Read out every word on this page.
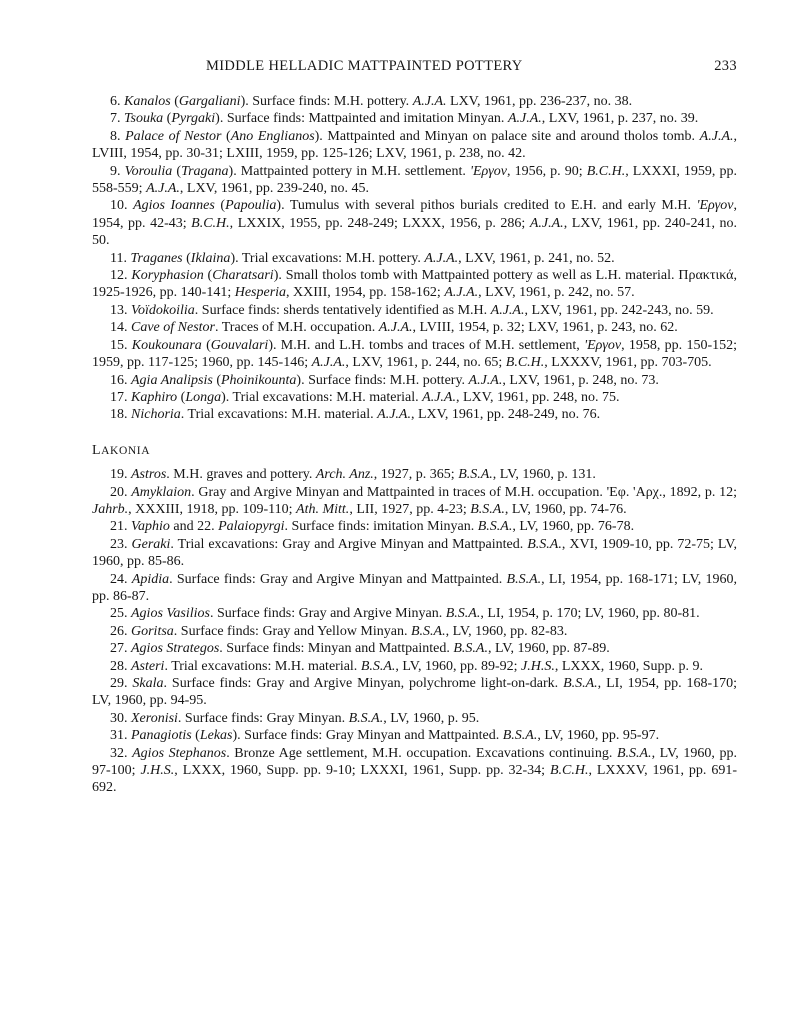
MIDDLE HELLADIC MATTPAINTED POTTERY	233

6. Kanalos (Gargaliani). Surface finds: M.H. pottery. A.J.A. LXV, 1961, pp. 236-237, no. 38.

7. Tsouka (Pyrgaki). Surface finds: Mattpainted and imitation Minyan. A.J.A., LXV, 1961, p. 237, no. 39.

8. Palace of Nestor (Ano Englianos). Mattpainted and Minyan on palace site and around tholos tomb. A.J.A., LVIII, 1954, pp. 30-31; LXIII, 1959, pp. 125-126; LXV, 1961, p. 238, no. 42.

9. Voroulia (Tragana). Mattpainted pottery in M.H. settlement. 'Εργον, 1956, p. 90; B.C.H., LXXXI, 1959, pp. 558-559; A.J.A., LXV, 1961, pp. 239-240, no. 45.

10. Agios Ioannes (Papoulia). Tumulus with several pithos burials credited to E.H. and early M.H. 'Εργον, 1954, pp. 42-43; B.C.H., LXXIX, 1955, pp. 248-249; LXXX, 1956, p. 286; A.J.A., LXV, 1961, pp. 240-241, no. 50.

11. Traganes (Iklaina). Trial excavations: M.H. pottery. A.J.A., LXV, 1961, p. 241, no. 52.

12. Koryphasion (Charatsari). Small tholos tomb with Mattpainted pottery as well as L.H. material. Πρακτικά, 1925-1926, pp. 140-141; Hesperia, XXIII, 1954, pp. 158-162; A.J.A., LXV, 1961, p. 242, no. 57.

13. Voïdokoilia. Surface finds: sherds tentatively identified as M.H. A.J.A., LXV, 1961, pp. 242-243, no. 59.

14. Cave of Nestor. Traces of M.H. occupation. A.J.A., LVIII, 1954, p. 32; LXV, 1961, p. 243, no. 62.

15. Koukounara (Gouvalari). M.H. and L.H. tombs and traces of M.H. settlement, 'Εργον, 1958, pp. 150-152; 1959, pp. 117-125; 1960, pp. 145-146; A.J.A., LXV, 1961, p. 244, no. 65; B.C.H., LXXXV, 1961, pp. 703-705.

16. Agia Analipsis (Phoinikounta). Surface finds: M.H. pottery. A.J.A., LXV, 1961, p. 248, no. 73.

17. Kaphiro (Longa). Trial excavations: M.H. material. A.J.A., LXV, 1961, pp. 248, no. 75.

18. Nichoria. Trial excavations: M.H. material. A.J.A., LXV, 1961, pp. 248-249, no. 76.

LAKONIA

19. Astros. M.H. graves and pottery. Arch. Anz., 1927, p. 365; B.S.A., LV, 1960, p. 131.

20. Amyklaion. Gray and Argive Minyan and Mattpainted in traces of M.H. occupation. 'Εφ. 'Αρχ., 1892, p. 12; Jahrb., XXXIII, 1918, pp. 109-110; Ath. Mitt., LII, 1927, pp. 4-23; B.S.A., LV, 1960, pp. 74-76.

21. Vaphio and 22. Palaiopyrgi. Surface finds: imitation Minyan. B.S.A., LV, 1960, pp. 76-78.

23. Geraki. Trial excavations: Gray and Argive Minyan and Mattpainted. B.S.A., XVI, 1909-10, pp. 72-75; LV, 1960, pp. 85-86.

24. Apidia. Surface finds: Gray and Argive Minyan and Mattpainted. B.S.A., LI, 1954, pp. 168-171; LV, 1960, pp. 86-87.

25. Agios Vasilios. Surface finds: Gray and Argive Minyan. B.S.A., LI, 1954, p. 170; LV, 1960, pp. 80-81.

26. Goritsa. Surface finds: Gray and Yellow Minyan. B.S.A., LV, 1960, pp. 82-83.

27. Agios Strategos. Surface finds: Minyan and Mattpainted. B.S.A., LV, 1960, pp. 87-89.

28. Asteri. Trial excavations: M.H. material. B.S.A., LV, 1960, pp. 89-92; J.H.S., LXXX, 1960, Supp. p. 9.

29. Skala. Surface finds: Gray and Argive Minyan, polychrome light-on-dark. B.S.A., LI, 1954, pp. 168-170; LV, 1960, pp. 94-95.

30. Xeronisi. Surface finds: Gray Minyan. B.S.A., LV, 1960, p. 95.

31. Panagiotis (Lekas). Surface finds: Gray Minyan and Mattpainted. B.S.A., LV, 1960, pp. 95-97.

32. Agios Stephanos. Bronze Age settlement, M.H. occupation. Excavations continuing. B.S.A., LV, 1960, pp. 97-100; J.H.S., LXXX, 1960, Supp. pp. 9-10; LXXXI, 1961, Supp. pp. 32-34; B.C.H., LXXXV, 1961, pp. 691-692.
